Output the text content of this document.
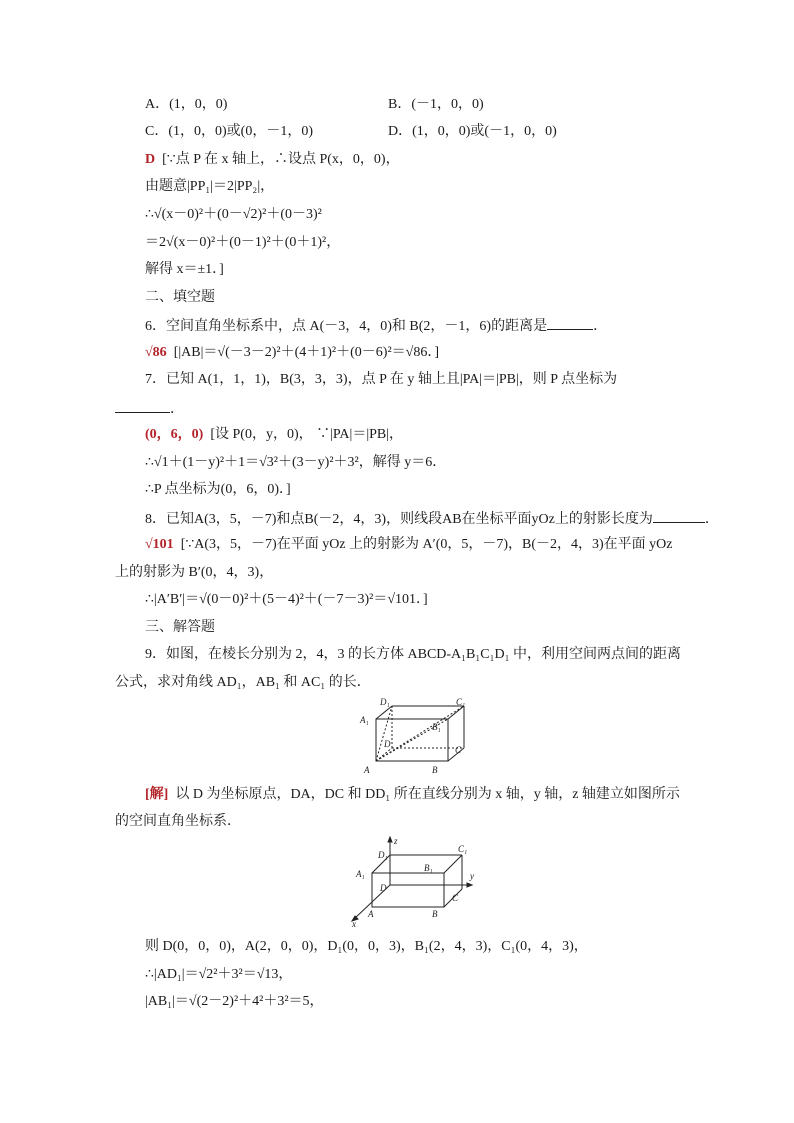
A．(1，0，0)	B．(－1，0，0)
C．(1，0，0)或(0，－1，0)	D．(1，0，0)或(－1，0，0)
D [∵点 P 在 x 轴上，∴设点 P(x，0，0)，
由题意|PP₁|＝2|PP₂|，
∴√(x－0)²＋(0－√2)²＋(0－3)²
＝2√(x－0)²＋(0－1)²＋(0＋1)²，
解得 x＝±1．]
二、填空题
6．空间直角坐标系中，点 A(－3，4，0)和 B(2，－1，6)的距离是	．
√86 [|AB|＝√(－3－2)²＋(4＋1)²＋(0－6)²＝√86．]
7．已知 A(1，1，1)，B(3，3，3)，点 P 在 y 轴上且|PA|＝|PB|，则 P 点坐标为
．
(0，6，0) [设 P(0，y，0)， ∵|PA|＝|PB|，
∴√1＋(1－y)²＋1＝√3²＋(3－y)²＋3²，解得 y＝6．
∴P 点坐标为(0，6，0)．]
8．已知A(3，5，－7)和点B(－2，4，3)，则线段AB在坐标平面yOz上的射影长度为	．
√101 [∵A(3，5，－7)在平面 yOz 上的射影为 A′(0，5，－7)，B(－2，4，3)在平面 yOz
上的射影为 B′(0，4，3)，
∴|A′B′|＝√(0－0)²＋(5－4)²＋(－7－3)²＝√101．]
三、解答题
9．如图，在棱长分别为 2，4，3 的长方体 ABCD-A₁B₁C₁D₁ 中，利用空间两点间的距离
公式，求对角线 AD₁，AB₁ 和 AC₁ 的长．
D₁	C₁
A₁
B₁
D
C
A	B
[解] 以 D 为坐标原点，DA，DC 和 DD₁ 所在直线分别为 x 轴，y 轴，z 轴建立如图所示
的空间直角坐标系．
z
D₁
C₁
A₁
B₁
D
y
C
A	B
x
则 D(0，0，0)，A(2，0，0)，D₁(0，0，3)，B₁(2，4，3)，C₁(0，4，3)，
∴|AD₁|＝√2²＋3²＝√13，
|AB₁|＝√(2－2)²＋4²＋3²＝5，
